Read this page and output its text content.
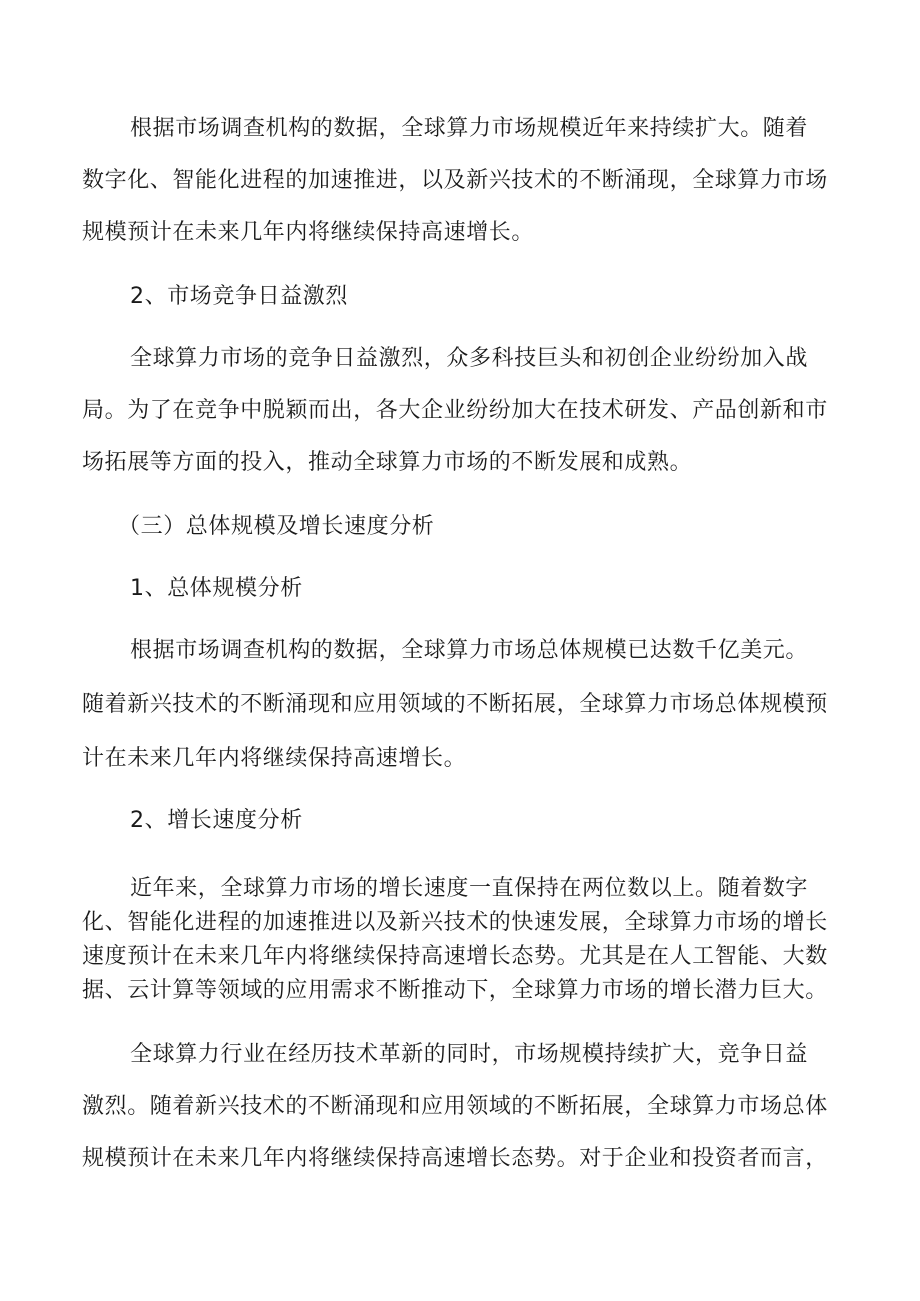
根据市场调查机构的数据，全球算力市场规模近年来持续扩大。随着
数字化、智能化进程的加速推进，以及新兴技术的不断涌现，全球算力市场
规模预计在未来几年内将继续保持高速增长。
2、市场竞争日益激烈
全球算力市场的竞争日益激烈，众多科技巨头和初创企业纷纷加入战
局。为了在竞争中脱颖而出，各大企业纷纷加大在技术研发、产品创新和市
场拓展等方面的投入，推动全球算力市场的不断发展和成熟。
（三）总体规模及增长速度分析
1、总体规模分析
根据市场调查机构的数据，全球算力市场总体规模已达数千亿美元。
随着新兴技术的不断涌现和应用领域的不断拓展，全球算力市场总体规模预
计在未来几年内将继续保持高速增长。
2、增长速度分析
近年来，全球算力市场的增长速度一直保持在两位数以上。随着数字
化、智能化进程的加速推进以及新兴技术的快速发展，全球算力市场的增长
速度预计在未来几年内将继续保持高速增长态势。尤其是在人工智能、大数
据、云计算等领域的应用需求不断推动下，全球算力市场的增长潜力巨大。
全球算力行业在经历技术革新的同时，市场规模持续扩大，竞争日益
激烈。随着新兴技术的不断涌现和应用领域的不断拓展，全球算力市场总体
规模预计在未来几年内将继续保持高速增长态势。对于企业和投资者而言，
